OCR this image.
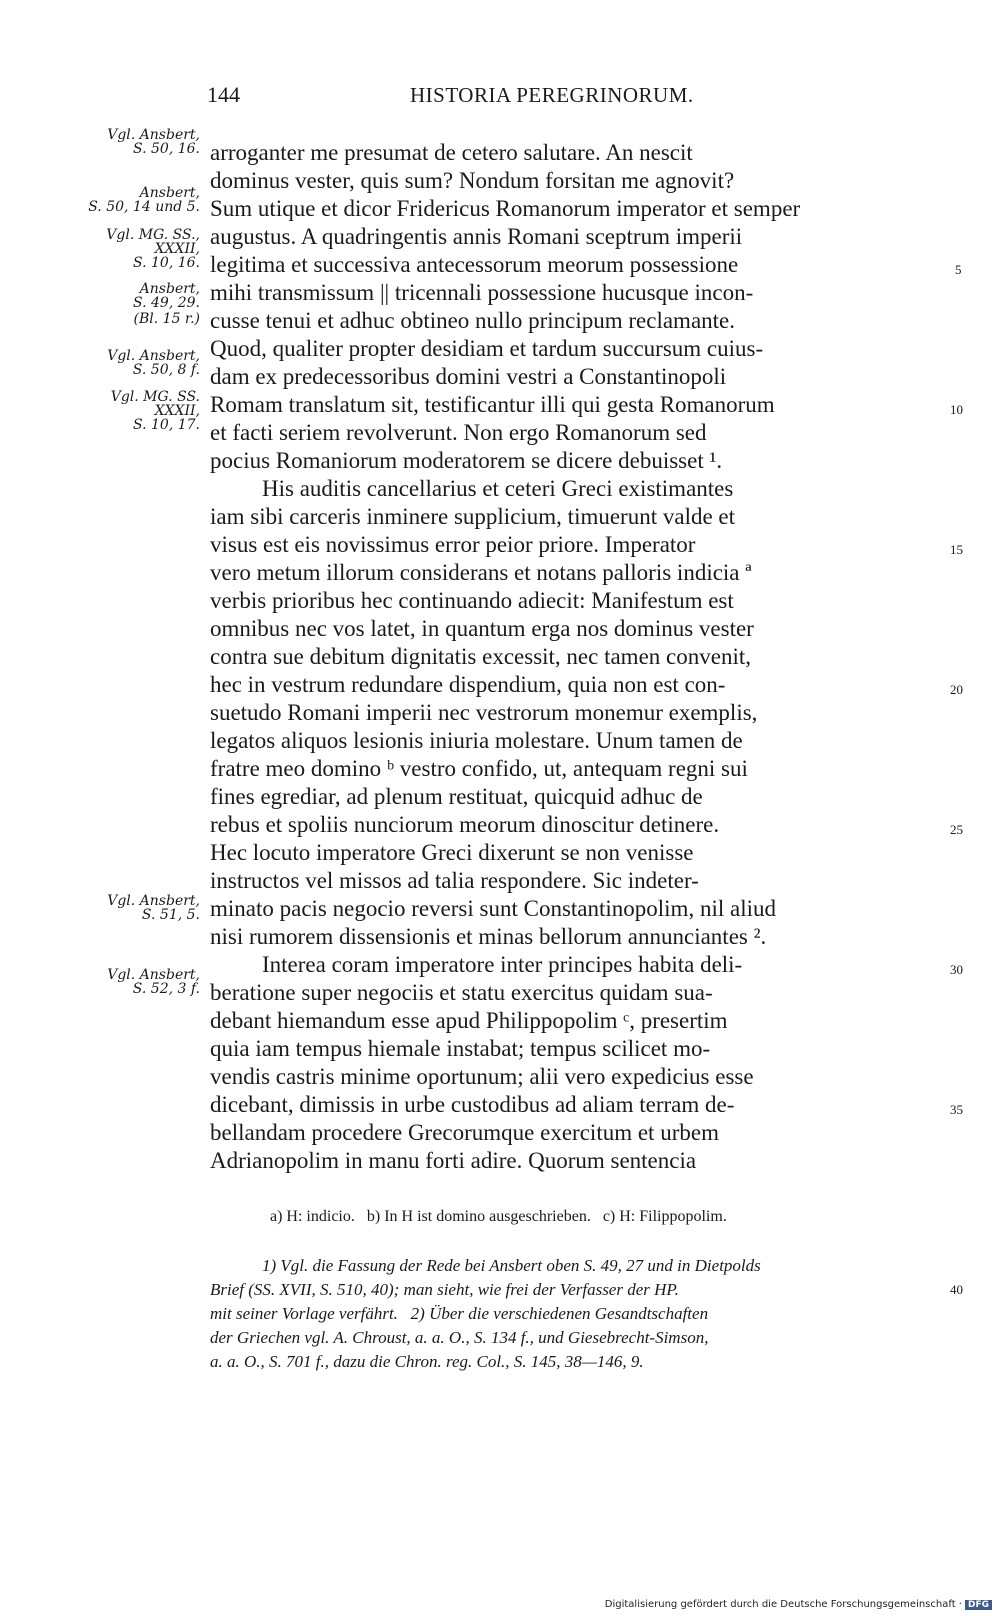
144	HISTORIA PEREGRINORUM.
Vgl. Ansbert,
S. 50, 16.
Ansbert,
S. 50, 14 und 5.
Vgl. MG. SS.,
XXXII,
S. 10, 16.
Ansbert,
S. 49, 29.
(Bl. 15 r.)
Vgl. Ansbert,
S. 50, 8 f.
Vgl. MG. SS.
XXXII,
S. 10, 17.
Vgl. Ansbert,
S. 51, 5.
Vgl. Ansbert,
S. 52, 3 f.
5
10
15
20
25
30
35
40
arroganter me presumat de cetero salutare. An nescit
dominus vester, quis sum? Nondum forsitan me agnovit?
Sum utique et dicor Fridericus Romanorum imperator et semper
augustus. A quadringentis annis Romani sceptrum imperii
legitima et successiva antecessorum meorum possessione
mihi transmissum || tricennali possessione hucusque incon-
cusse tenui et adhuc obtineo nullo principum reclamante.
Quod, qualiter propter desidiam et tardum succursum cuius-
dam ex predecessoribus domini vestri a Constantinopoli
Romam translatum sit, testificantur illi qui gesta Romanorum
et facti seriem revolverunt. Non ergo Romanorum sed
pocius Romaniorum moderatorem se dicere debuisset ¹.
His auditis cancellarius et ceteri Greci existimantes
iam sibi carceris inminere supplicium, timuerunt valde et
visus est eis novissimus error peior priore. Imperator
vero metum illorum considerans et notans palloris indicia ª
verbis prioribus hec continuando adiecit: Manifestum est
omnibus nec vos latet, in quantum erga nos dominus vester
contra sue debitum dignitatis excessit, nec tamen convenit,
hec in vestrum redundare dispendium, quia non est con-
suetudo Romani imperii nec vestrorum monemur exemplis,
legatos aliquos lesionis iniuria molestare. Unum tamen de
fratre meo domino ᵇ vestro confido, ut, antequam regni sui
fines egrediar, ad plenum restituat, quicquid adhuc de
rebus et spoliis nunciorum meorum dinoscitur detinere.
Hec locuto imperatore Greci dixerunt se non venisse
instructos vel missos ad talia respondere. Sic indeter-
minato pacis negocio reversi sunt Constantinopolim, nil aliud
nisi rumorem dissensionis et minas bellorum annunciantes ².
Interea coram imperatore inter principes habita deli-
beratione super negociis et statu exercitus quidam sua-
debant hiemandum esse apud Philippopolim ᶜ, presertim
quia iam tempus hiemale instabat; tempus scilicet mo-
vendis castris minime oportunum; alii vero expedicius esse
dicebant, dimissis in urbe custodibus ad aliam terram de-
bellandam procedere Grecorumque exercitum et urbem
Adrianopolim in manu forti adire. Quorum sentencia
a) H: indicio.   b) In H ist domino ausgeschrieben.   c) H: Filippopolim.
1) Vgl. die Fassung der Rede bei Ansbert oben S. 49, 27 und in Dietpolds
Brief (SS. XVII, S. 510, 40); man sieht, wie frei der Verfasser der HP.
mit seiner Vorlage verfährt.   2) Über die verschiedenen Gesandtschaften
der Griechen vgl. A. Chroust, a. a. O., S. 134 f., und Giesebrecht-Simson,
a. a. O., S. 701 f., dazu die Chron. reg. Col., S. 145, 38—146, 9.
Digitalisierung gefördert durch die Deutsche Forschungsgemeinschaft · DFG
